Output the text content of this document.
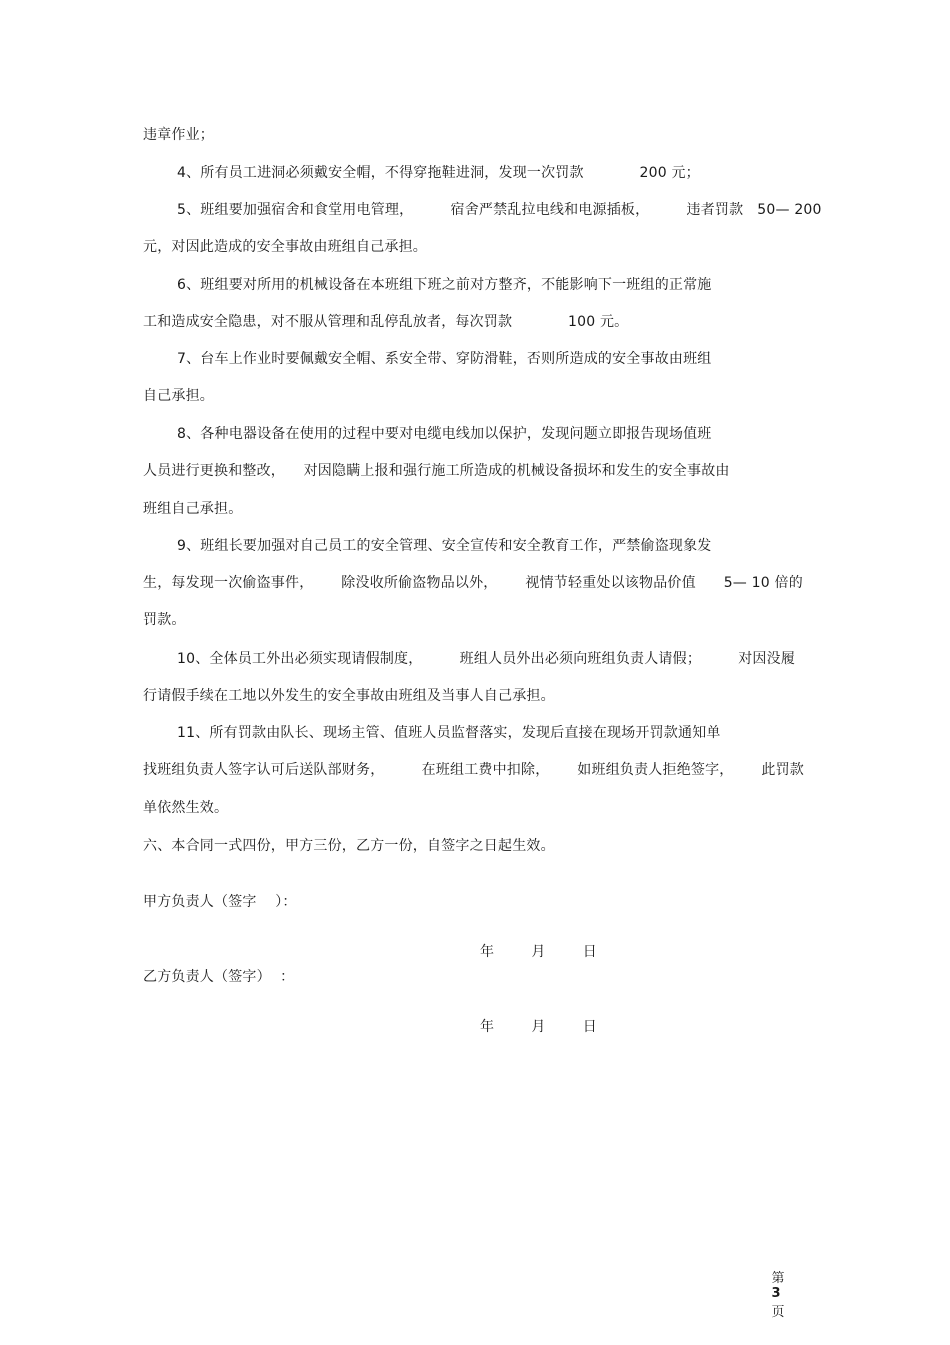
违章作业；
4、所有员工进洞必须戴安全帽，不得穿拖鞋进洞，发现一次罚款            200 元；
5、班组要加强宿舍和食堂用电管理，        宿舍严禁乱拉电线和电源插板，        违者罚款   50— 200
元，对因此造成的安全事故由班组自己承担。
6、班组要对所用的机械设备在本班组下班之前对方整齐，不能影响下一班组的正常施
工和造成安全隐患，对不服从管理和乱停乱放者，每次罚款            100 元。
7、台车上作业时要佩戴安全帽、系安全带、穿防滑鞋，否则所造成的安全事故由班组
自己承担。
8、各种电器设备在使用的过程中要对电缆电线加以保护，发现问题立即报告现场值班
人员进行更换和整改，    对因隐瞒上报和强行施工所造成的机械设备损坏和发生的安全事故由
班组自己承担。
9、班组长要加强对自己员工的安全管理、安全宣传和安全教育工作，严禁偷盗现象发
生，每发现一次偷盗事件，      除没收所偷盗物品以外，      视情节轻重处以该物品价值      5— 10 倍的
罚款。
10、全体员工外出必须实现请假制度，        班组人员外出必须向班组负责人请假；        对因没履
行请假手续在工地以外发生的安全事故由班组及当事人自己承担。
11、所有罚款由队长、现场主管、值班人员监督落实，发现后直接在现场开罚款通知单
找班组负责人签字认可后送队部财务，        在班组工费中扣除，      如班组负责人拒绝签字，      此罚款
单依然生效。
六、本合同一式四份，甲方三份，乙方一份，自签字之日起生效。
甲方负责人（签字    ）：
年        月        日
乙方负责人（签字）  ：
年        月        日

第
3
页
